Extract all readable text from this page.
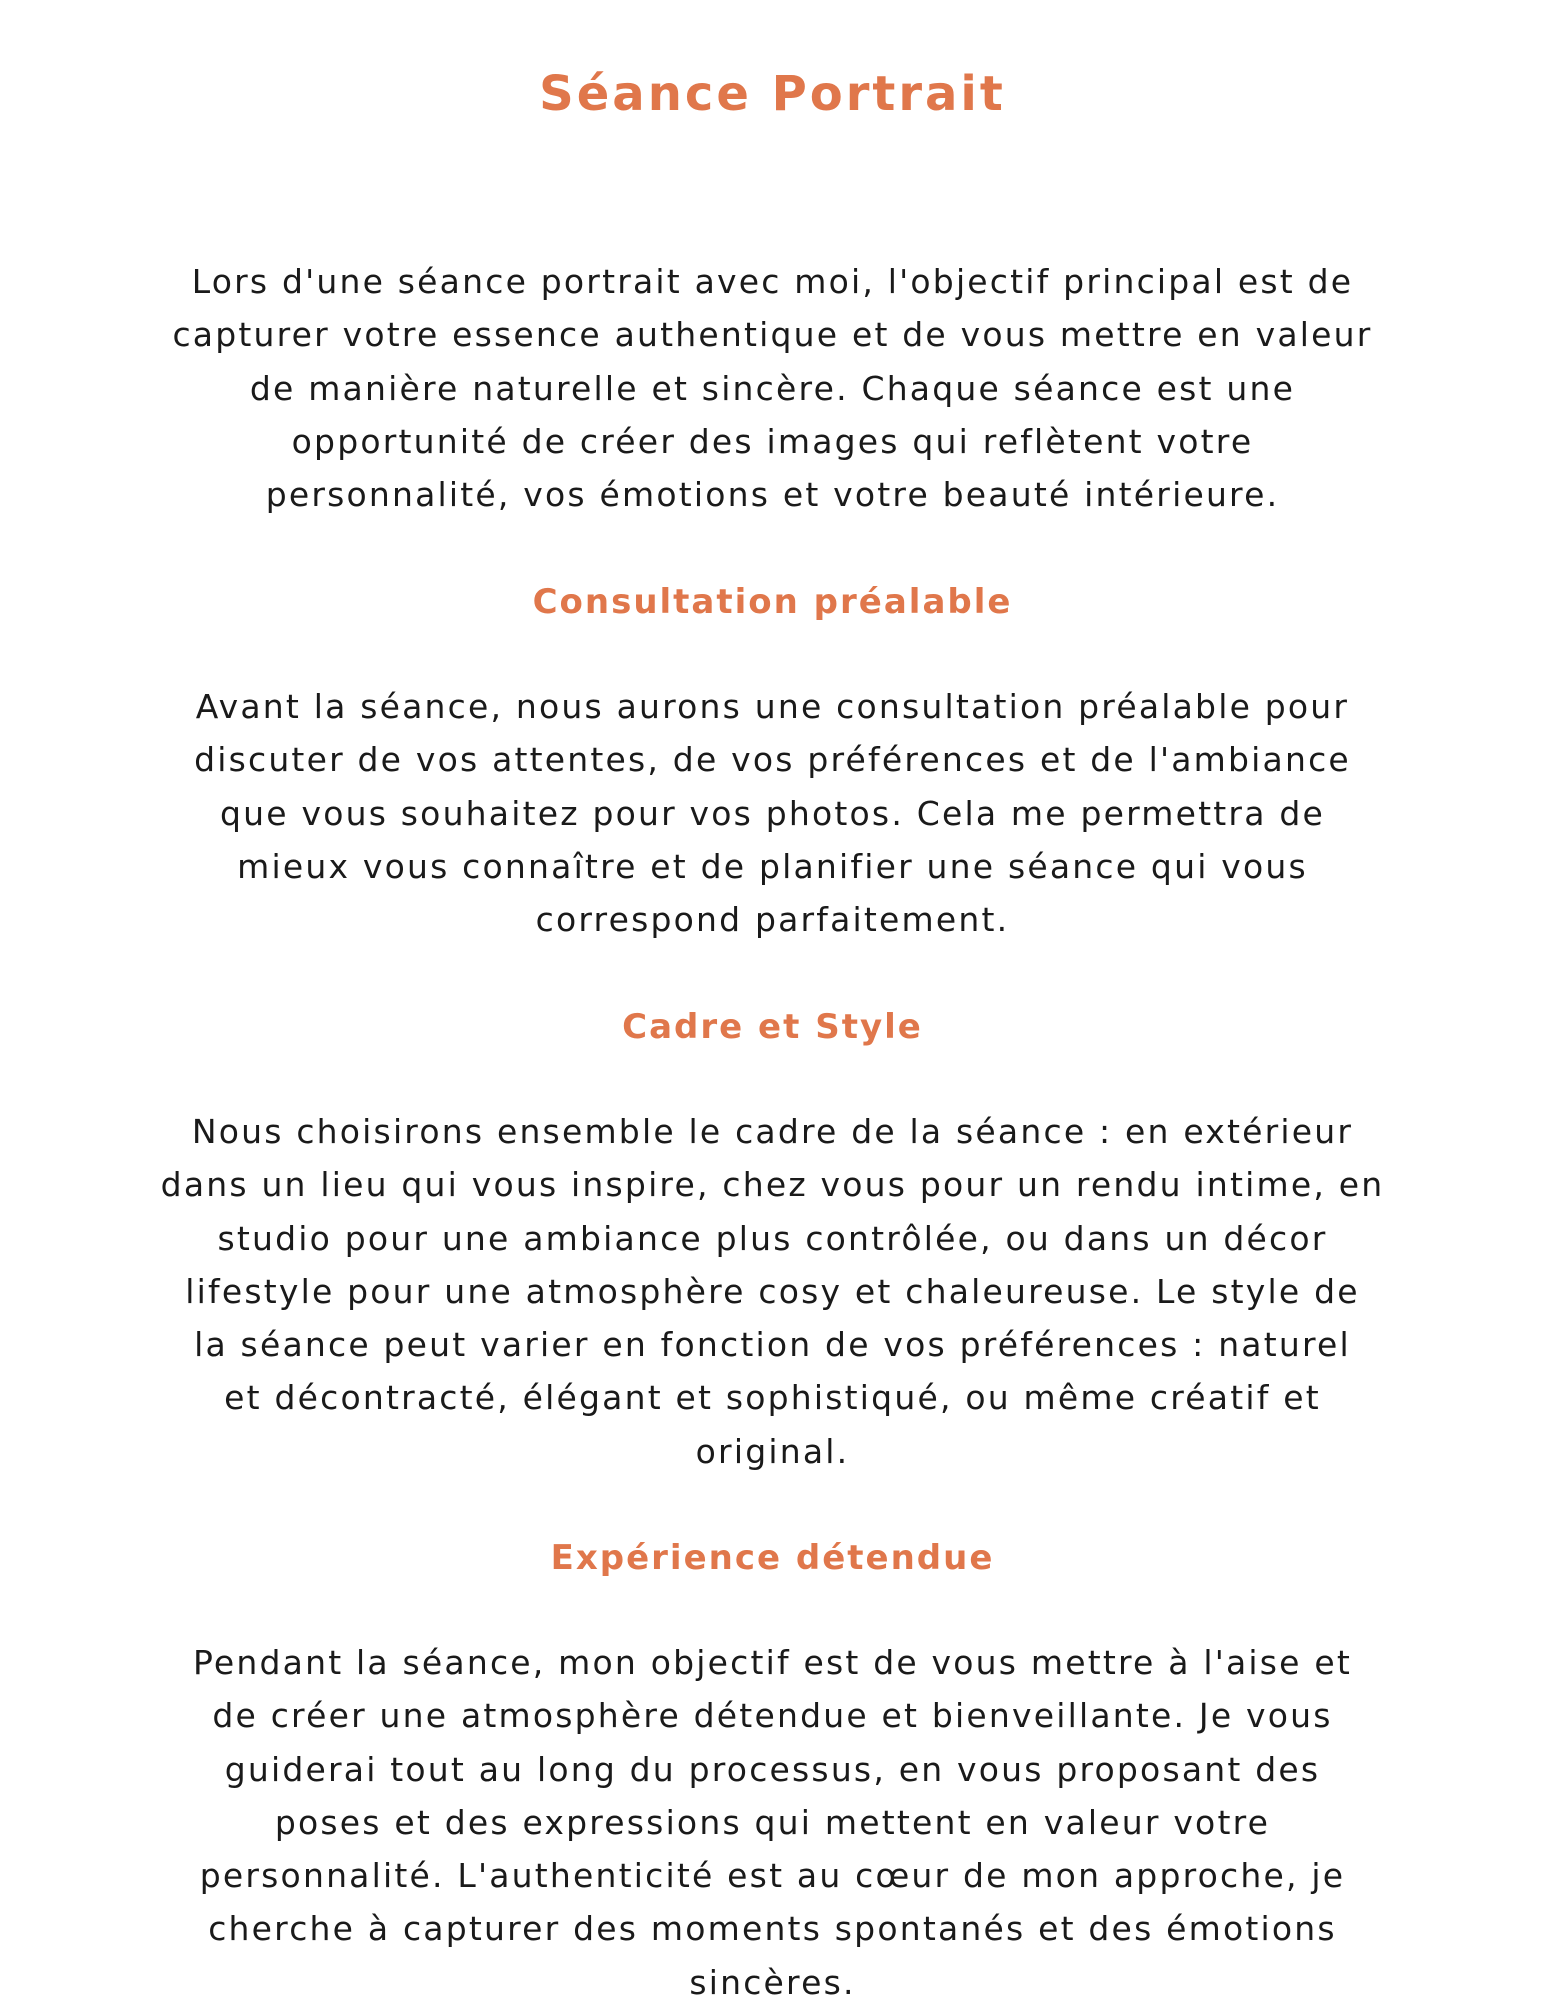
Séance Portrait

Lors d'une séance portrait avec moi, l'objectif principal est de
capturer votre essence authentique et de vous mettre en valeur
de manière naturelle et sincère. Chaque séance est une
opportunité de créer des images qui reflètent votre
personnalité, vos émotions et votre beauté intérieure.

Consultation préalable

Avant la séance, nous aurons une consultation préalable pour
discuter de vos attentes, de vos préférences et de l'ambiance
que vous souhaitez pour vos photos. Cela me permettra de
mieux vous connaître et de planifier une séance qui vous
correspond parfaitement.

Cadre et Style

Nous choisirons ensemble le cadre de la séance : en extérieur
dans un lieu qui vous inspire, chez vous pour un rendu intime, en
studio pour une ambiance plus contrôlée, ou dans un décor
lifestyle pour une atmosphère cosy et chaleureuse. Le style de
la séance peut varier en fonction de vos préférences : naturel
et décontracté, élégant et sophistiqué, ou même créatif et
original.

Expérience détendue

Pendant la séance, mon objectif est de vous mettre à l'aise et
de créer une atmosphère détendue et bienveillante. Je vous
guiderai tout au long du processus, en vous proposant des
poses et des expressions qui mettent en valeur votre
personnalité. L'authenticité est au cœur de mon approche, je
cherche à capturer des moments spontanés et des émotions
sincères.
